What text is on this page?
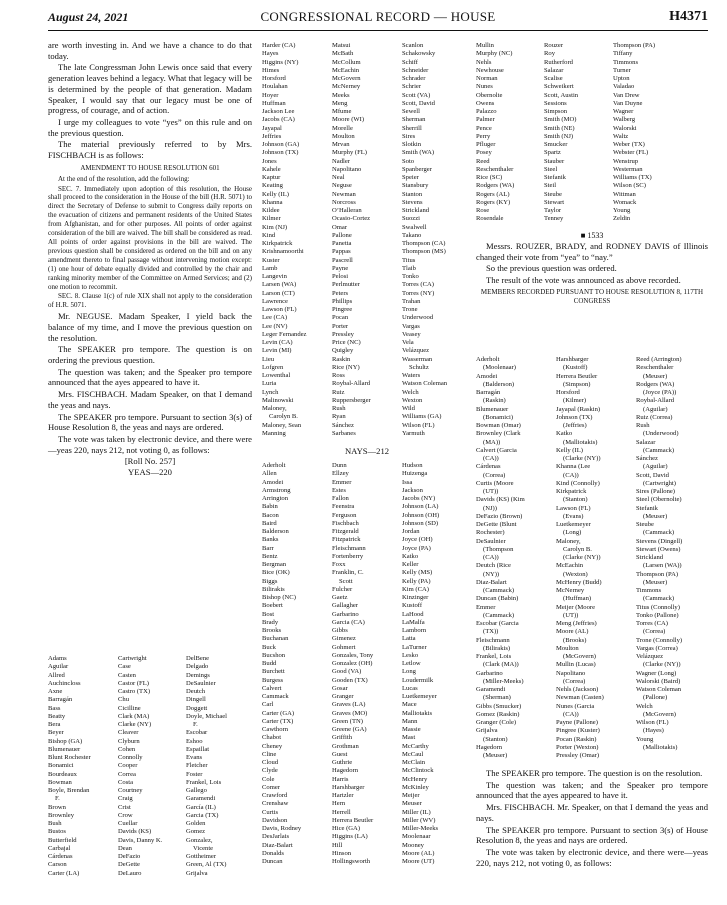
August 24, 2021	CONGRESSIONAL RECORD — HOUSE	H4371

are worth investing in. And we have a chance to do that today.

The late Congressman John Lewis once said that every generation leaves behind a legacy. What that legacy will be is determined by the people of that generation. Madam Speaker, I would say that our legacy must be one of progress, of courage, and of action.

I urge my colleagues to vote “yes” on this rule and on the previous question.

The material previously referred to by Mrs. FISCHBACH is as follows:

AMENDMENT TO HOUSE RESOLUTION 601

At the end of the resolution, add the following:

SEC. 7. Immediately upon adoption of this resolution, the House shall proceed to the consideration in the House of the bill (H.R. 5071) to direct the Secretary of Defense to submit to Congress daily reports on the evacuation of citizens and permanent residents of the United States from Afghanistan, and for other purposes. All points of order against consideration of the bill are waived. The bill shall be considered as read. All points of order against provisions in the bill are waived. The previous question shall be considered as ordered on the bill and on any amendment thereto to final passage without intervening motion except: (1) one hour of debate equally divided and controlled by the chair and ranking minority member of the Committee on Armed Services; and (2) one motion to recommit.

SEC. 8. Clause 1(c) of rule XIX shall not apply to the consideration of H.R. 5071.

Mr. NEGUSE. Madam Speaker, I yield back the balance of my time, and I move the previous question on the resolution.

The SPEAKER pro tempore. The question is on ordering the previous question.

The question was taken; and the Speaker pro tempore announced that the ayes appeared to have it.

Mrs. FISCHBACH. Madam Speaker, on that I demand the yeas and nays.

The SPEAKER pro tempore. Pursuant to section 3(s) of House Resolution 8, the yeas and nays are ordered.

The vote was taken by electronic device, and there were—yeas 220, nays 212, not voting 0, as follows:

[Roll No. 257]
YEAS—220
Adams
Aguilar
Allred
Auchincloss
Axne
Barragán
Bass
Beatty
Bera
Beyer
Bishop (GA)
Blumenauer
Blunt Rochester
Bonamici
Bourdeaux
Bowman
Boyle, Brendan
F.
Brown
Brownley
Bush
Bustos
Butterfield
Carbajal
Cárdenas
Carson
Carter (LA)
Cartwright
Case
Casten
Castor (FL)
Castro (TX)
Chu
Cicilline
Clark (MA)
Clarke (NY)
Cleaver
Clyburn
Cohen
Connolly
Cooper
Correa
Costa
Courtney
Craig
Crist
Crow
Cuellar
Davids (KS)
Davis, Danny K.
Dean
DeFazio
DeGette
DeLauro
DelBene
Delgado
Demings
DeSaulnier
Deutch
Dingell
Doggett
Doyle, Michael
F.
Escobar
Eshoo
Espaillat
Evans
Fletcher
Foster
Frankel, Lois
Gallego
Garamendi
García (IL)
Garcia (TX)
Golden
Gomez
Gonzalez,
Vicente
Gottheimer
Green, Al (TX)
Grijalva
Harder (CA)
Hayes
Higgins (NY)
Himes
Horsford
Houlahan
Hoyer
Huffman
Jackson Lee
Jacobs (CA)
Jayapal
Jeffries
Johnson (GA)
Johnson (TX)
Jones
Kahele
Kaptur
Keating
Kelly (IL)
Khanna
Kildee
Kilmer
Kim (NJ)
Kind
Kirkpatrick
Krishnamoorthi
Kuster
Lamb
Langevin
Larsen (WA)
Larson (CT)
Lawrence
Lawson (FL)
Lee (CA)
Lee (NV)
Leger Fernandez
Levin (CA)
Levin (MI)
Lieu
Lofgren
Lowenthal
Luria
Lynch
Malinowski
Maloney,
Carolyn B.
Maloney, Sean
Manning
Matsui
McBath
McCollum
McEachin
McGovern
McNerney
Meeks
Meng
Mfume
Moore (WI)
Morelle
Moulton
Mrvan
Murphy (FL)
Nadler
Napolitano
Neal
Neguse
Newman
Norcross
O’Halleran
Ocasio-Cortez
Omar
Pallone
Panetta
Pappas
Pascrell
Payne
Pelosi
Perlmutter
Peters
Phillips
Pingree
Pocan
Porter
Pressley
Price (NC)
Quigley
Raskin
Rice (NY)
Ross
Roybal-Allard
Ruiz
Ruppersberger
Rush
Ryan
Sánchez
Sarbanes
Scanlon
Schakowsky
Schiff
Schneider
Schrader
Schrier
Scott (VA)
Scott, David
Sewell
Sherman
Sherrill
Sires
Slotkin
Smith (WA)
Soto
Spanberger
Speier
Stansbury
Stanton
Stevens
Strickland
Suozzi
Swalwell
Takano
Thompson (CA)
Thompson (MS)
Titus
Tlaib
Tonko
Torres (CA)
Torres (NY)
Trahan
Trone
Underwood
Vargas
Veasey
Vela
Velázquez
Wasserman
Schultz
Waters
Watson Coleman
Welch
Wexton
Wild
Williams (GA)
Wilson (FL)
Yarmuth
NAYS—212
Aderholt
Allen
Amodei
Armstrong
Arrington
Babin
Bacon
Baird
Balderson
Banks
Barr
Bentz
Bergman
Bice (OK)
Biggs
Bilirakis
Bishop (NC)
Boebert
Bost
Brady
Brooks
Buchanan
Buck
Bucshon
Budd
Burchett
Burgess
Calvert
Cammack
Carl
Carter (GA)
Carter (TX)
Cawthorn
Chabot
Cheney
Cline
Cloud
Clyde
Cole
Comer
Crawford
Crenshaw
Curtis
Davidson
Davis, Rodney
DesJarlais
Diaz-Balart
Donalds
Duncan
Dunn
Ellzey
Emmer
Estes
Fallon
Feenstra
Ferguson
Fischbach
Fitzgerald
Fitzpatrick
Fleischmann
Fortenberry
Foxx
Franklin, C.
Scott
Fulcher
Gaetz
Gallagher
Garbarino
Garcia (CA)
Gibbs
Gimenez
Gohmert
Gonzales, Tony
Gonzalez (OH)
Good (VA)
Gooden (TX)
Gosar
Granger
Graves (LA)
Graves (MO)
Green (TN)
Greene (GA)
Griffith
Grothman
Guest
Guthrie
Hagedorn
Harris
Harshbarger
Hartzler
Hern
Herrell
Herrera Beutler
Hice (GA)
Higgins (LA)
Hill
Hinson
Hollingsworth
Hudson
Huizenga
Issa
Jackson
Jacobs (NY)
Johnson (LA)
Johnson (OH)
Johnson (SD)
Jordan
Joyce (OH)
Joyce (PA)
Katko
Keller
Kelly (MS)
Kelly (PA)
Kim (CA)
Kinzinger
Kustoff
LaHood
LaMalfa
Lamborn
Latta
LaTurner
Lesko
Letlow
Long
Loudermilk
Lucas
Luetkemeyer
Mace
Malliotakis
Mann
Massie
Mast
McCarthy
McCaul
McClain
McClintock
McHenry
McKinley
Meijer
Meuser
Miller (IL)
Miller (WV)
Miller-Meeks
Moolenaar
Mooney
Moore (AL)
Moore (UT)
Mullin
Murphy (NC)
Nehls
Newhouse
Norman
Nunes
Obernolte
Owens
Palazzo
Palmer
Pence
Perry
Pfluger
Posey
Reed
Reschenthaler
Rice (SC)
Rodgers (WA)
Rogers (AL)
Rogers (KY)
Rose
Rosendale
Rouzer
Roy
Rutherford
Salazar
Scalise
Schweikert
Scott, Austin
Sessions
Simpson
Smith (MO)
Smith (NE)
Smith (NJ)
Smucker
Spartz
Stauber
Steel
Stefanik
Steil
Steube
Stewart
Taylor
Tenney
Thompson (PA)
Tiffany
Timmons
Turner
Upton
Valadao
Van Drew
Van Duyne
Wagner
Walberg
Walorski
Waltz
Weber (TX)
Webster (FL)
Wenstrup
Westerman
Williams (TX)
Wilson (SC)
Wittman
Womack
Young
Zeldin
■ 1533

Messrs. ROUZER, BRADY, and RODNEY DAVIS of Illinois changed their vote from “yea” to “nay.”

So the previous question was ordered.

The result of the vote was announced as above recorded.

MEMBERS RECORDED PURSUANT TO HOUSE RESOLUTION 8, 117TH CONGRESS
Aderholt
(Moolenaar)
Amodei
(Balderson)
Barragán
(Raskin)
Blumenauer
(Bonamici)
Bowman (Omar)
Brownley (Clark
(MA))
Calvert (Garcia
(CA))
Cárdenas
(Correa)
Curtis (Moore
(UT))
Davids (KS) (Kim
(NJ))
DeFazio (Brown)
DeGette (Blunt
Rochester)
DeSaulnier
(Thompson
(CA))
Deutch (Rice
(NY))
Diaz-Balart
(Cammack)
Duncan (Babin)
Emmer
(Cammack)
Escobar (Garcia
(TX))
Fleischmann
(Bilirakis)
Frankel, Lois
(Clark (MA))
Garbarino
(Miller-Meeks)
Garamendi
(Sherman)
Gibbs (Smucker)
Gomez (Raskin)
Granger (Cole)
Grijalva
(Stanton)
Hagedorn
(Meuser)
Harshbarger
(Kustoff)
Herrera Beutler
(Simpson)
Horsford
(Kilmer)
Jayapal (Raskin)
Johnson (TX)
(Jeffries)
Katko
(Malliotakis)
Kelly (IL)
(Clarke (NY))
Khanna (Lee
(CA))
Kind (Connolly)
Kirkpatrick
(Stanton)
Lawson (FL)
(Evans)
Luetkemeyer
(Long)
Maloney,
Carolyn B.
(Clarke (NY))
McEachin
(Wexton)
McHenry (Budd)
McNerney
(Huffman)
Meijer (Moore
(UT))
Meng (Jeffries)
Moore (AL)
(Brooks)
Moulton
(McGovern)
Mullin (Lucas)
Napolitano
(Correa)
Nehls (Jackson)
Newman (Casten)
Nunes (Garcia
(CA))
Payne (Pallone)
Pingree (Kuster)
Pocan (Raskin)
Porter (Wexton)
Pressley (Omar)
Reed (Arrington)
Reschenthaler
(Meuser)
Rodgers (WA)
(Joyce (PA))
Roybal-Allard
(Aguilar)
Ruiz (Correa)
Rush
(Underwood)
Salazar
(Cammack)
Sánchez
(Aguilar)
Scott, David
(Cartwright)
Sires (Pallone)
Steel (Obernolte)
Stefanik
(Meuser)
Steube
(Cammack)
Stevens (Dingell)
Stewart (Owens)
Strickland
(Larsen (WA))
Thompson (PA)
(Meuser)
Timmons
(Cammack)
Titus (Connolly)
Tonko (Pallone)
Torres (CA)
(Correa)
Trone (Connolly)
Vargas (Correa)
Velázquez
(Clarke (NY))
Wagner (Long)
Walorski (Baird)
Watson Coleman
(Pallone)
Welch
(McGovern)
Wilson (FL)
(Hayes)
Young
(Malliotakis)

The SPEAKER pro tempore. The question is on the resolution.

The question was taken; and the Speaker pro tempore announced that the ayes appeared to have it.

Mrs. FISCHBACH. Mr. Speaker, on that I demand the yeas and nays.

The SPEAKER pro tempore. Pursuant to section 3(s) of House Resolution 8, the yeas and nays are ordered.

The vote was taken by electronic device, and there were—yeas 220, nays 212, not voting 0, as follows:
